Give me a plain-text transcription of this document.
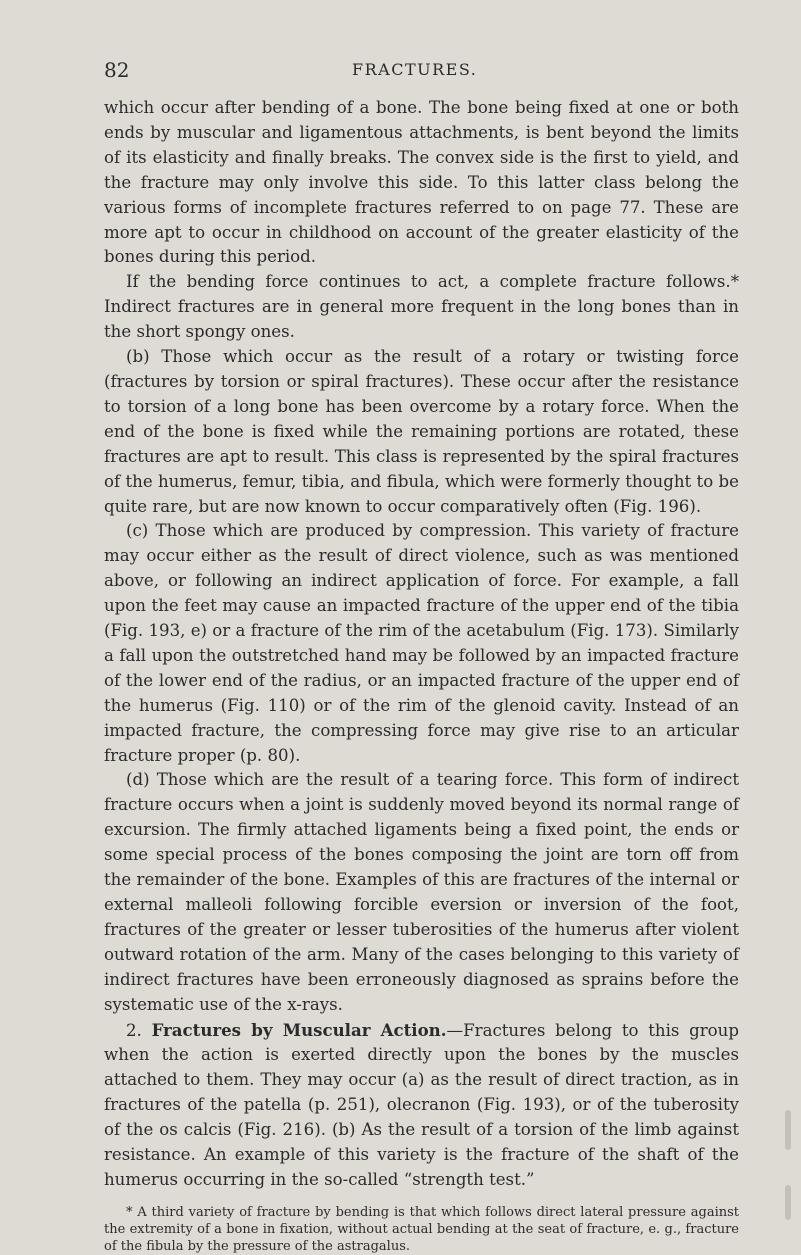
82	FRACTURES.

which occur after bending of a bone. The bone being fixed at one or both ends by muscular and ligamentous attachments, is bent beyond the limits of its elasticity and finally breaks. The convex side is the first to yield, and the fracture may only involve this side. To this latter class belong the various forms of incomplete fractures referred to on page 77. These are more apt to occur in childhood on account of the greater elasticity of the bones during this period.

If the bending force continues to act, a complete fracture follows.* Indirect fractures are in general more frequent in the long bones than in the short spongy ones.

(b) Those which occur as the result of a rotary or twisting force (fractures by torsion or spiral fractures). These occur after the resistance to torsion of a long bone has been overcome by a rotary force. When the end of the bone is fixed while the remaining portions are rotated, these fractures are apt to result. This class is represented by the spiral fractures of the humerus, femur, tibia, and fibula, which were formerly thought to be quite rare, but are now known to occur comparatively often (Fig. 196).

(c) Those which are produced by compression. This variety of fracture may occur either as the result of direct violence, such as was mentioned above, or following an indirect application of force. For example, a fall upon the feet may cause an impacted fracture of the upper end of the tibia (Fig. 193, e) or a fracture of the rim of the acetabulum (Fig. 173). Similarly a fall upon the outstretched hand may be followed by an impacted fracture of the lower end of the radius, or an impacted fracture of the upper end of the humerus (Fig. 110) or of the rim of the glenoid cavity. Instead of an impacted fracture, the compressing force may give rise to an articular fracture proper (p. 80).

(d) Those which are the result of a tearing force. This form of indirect fracture occurs when a joint is suddenly moved beyond its normal range of excursion. The firmly attached ligaments being a fixed point, the ends or some special process of the bones composing the joint are torn off from the remainder of the bone. Examples of this are fractures of the internal or external malleoli following forcible eversion or inversion of the foot, fractures of the greater or lesser tuberosities of the humerus after violent outward rotation of the arm. Many of the cases belonging to this variety of indirect fractures have been erroneously diagnosed as sprains before the systematic use of the x-rays.

2. Fractures by Muscular Action.—Fractures belong to this group when the action is exerted directly upon the bones by the muscles attached to them. They may occur (a) as the result of direct traction, as in fractures of the patella (p. 251), olecranon (Fig. 193), or of the tuberosity of the os calcis (Fig. 216). (b) As the result of a torsion of the limb against resistance. An example of this variety is the fracture of the shaft of the humerus occurring in the so-called “strength test.”

* A third variety of fracture by bending is that which follows direct lateral pressure against the extremity of a bone in fixation, without actual bending at the seat of fracture, e. g., fracture of the fibula by the pressure of the astragalus.
